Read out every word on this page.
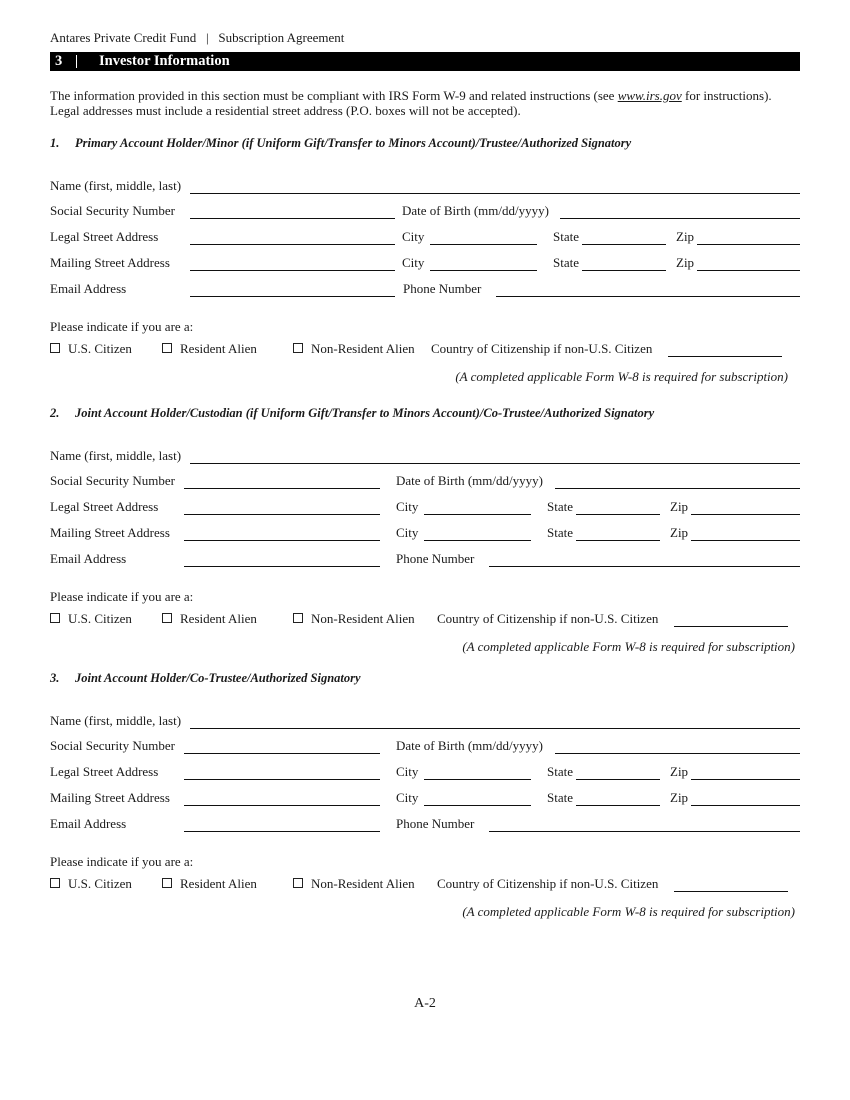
Antares Private Credit Fund | Subscription Agreement
3	Investor Information
The information provided in this section must be compliant with IRS Form W-9 and related instructions (see www.irs.gov for instructions). Legal addresses must include a residential street address (P.O. boxes will not be accepted).
1. Primary Account Holder/Minor (if Uniform Gift/Transfer to Minors Account)/Trustee/Authorized Signatory
Name (first, middle, last)
Social Security Number	Date of Birth (mm/dd/yyyy)
Legal Street Address	City	State	Zip
Mailing Street Address	City	State	Zip
Email Address	Phone Number
Please indicate if you are a:
U.S. Citizen	Resident Alien	Non-Resident Alien Country of Citizenship if non-U.S. Citizen
(A completed applicable Form W-8 is required for subscription)
2. Joint Account Holder/Custodian (if Uniform Gift/Transfer to Minors Account)/Co-Trustee/Authorized Signatory
Name (first, middle, last)
Social Security Number	Date of Birth (mm/dd/yyyy)
Legal Street Address	City	State	Zip
Mailing Street Address	City	State	Zip
Email Address	Phone Number
Please indicate if you are a:
U.S. Citizen	Resident Alien	Non-Resident Alien Country of Citizenship if non-U.S. Citizen
(A completed applicable Form W-8 is required for subscription)
3. Joint Account Holder/Co-Trustee/Authorized Signatory
Name (first, middle, last)
Social Security Number	Date of Birth (mm/dd/yyyy)
Legal Street Address	City	State	Zip
Mailing Street Address	City	State	Zip
Email Address	Phone Number
Please indicate if you are a:
U.S. Citizen	Resident Alien	Non-Resident Alien Country of Citizenship if non-U.S. Citizen
(A completed applicable Form W-8 is required for subscription)
A-2
